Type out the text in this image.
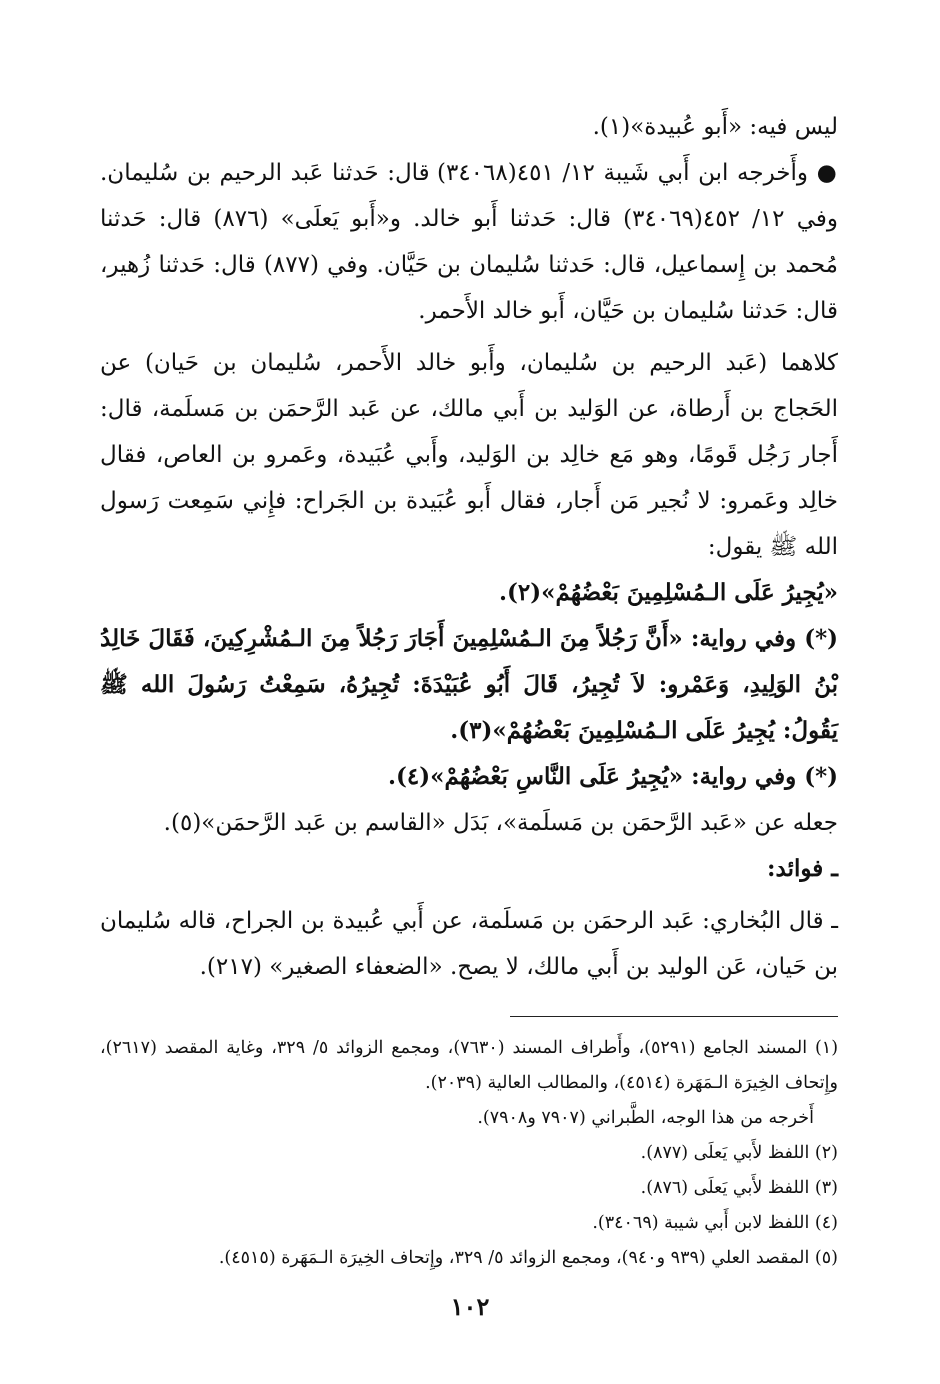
ليس فيه: «أَبو عُبيدة»(١).

● وأَخرجه ابن أَبي شَيبة ١٢/ ٤٥١(٣٤٠٦٨) قال: حَدثنا عَبد الرحيم بن سُليمان. وفي ١٢/ ٤٥٢(٣٤٠٦٩) قال: حَدثنا أَبو خالد. و«أَبو يَعلَى» (٨٧٦) قال: حَدثنا مُحمد بن إِسماعيل، قال: حَدثنا سُليمان بن حَيَّان. وفي (٨٧٧) قال: حَدثنا زُهير، قال: حَدثنا سُليمان بن حَيَّان، أَبو خالد الأَحمر.

كلاهما (عَبد الرحيم بن سُليمان، وأَبو خالد الأَحمر، سُليمان بن حَيان) عن الحَجاج بن أَرطاة، عن الوَليد بن أَبي مالك، عن عَبد الرَّحمَن بن مَسلَمة، قال: أَجار رَجُل قَومًا، وهو مَع خالِد بن الوَليد، وأَبي عُبَيدة، وعَمرو بن العاص، فقال خالِد وعَمرو: لا نُجير مَن أَجار، فقال أَبو عُبَيدة بن الجَراح: فإِني سَمِعت رَسول الله ﷺ يقول:

«يُجِيرُ عَلَى الـمُسْلِمِينَ بَعْضُهُمْ»(٢).

(*) وفي رواية: «أَنَّ رَجُلاً مِنَ الـمُسْلِمِينَ أَجَارَ رَجُلاً مِنَ الـمُشْرِكِينَ، فَقَالَ خَالِدُ بْنُ الوَلِيدِ، وَعَمْرو: لاَ تُجِيرُ، قَالَ أَبُو عُبَيْدَةَ: تُجِيرُهُ، سَمِعْتُ رَسُولَ الله ﷺ يَقُولُ: يُجِيرُ عَلَى الـمُسْلِمِينَ بَعْضُهُمْ»(٣).

(*) وفي رواية: «يُجِيرُ عَلَى النَّاسِ بَعْضُهُمْ»(٤).

جعله عن «عَبد الرَّحمَن بن مَسلَمة»، بَدَل «القاسم بن عَبد الرَّحمَن»(٥).

ـ فوائد:

ـ قال البُخاري: عَبد الرحمَن بن مَسلَمة، عن أَبي عُبيدة بن الجراح، قاله سُليمان بن حَيان، عَن الوليد بن أَبي مالك، لا يصح. «الضعفاء الصغير» (٢١٧).

(١) المسند الجامع (٥٢٩١)، وأَطراف المسند (٧٦٣٠)، ومجمع الزوائد ٥/ ٣٢٩، وغاية المقصد (٢٦١٧)، وإِتحاف الخِيرَة الـمَهَرة (٤٥١٤)، والمطالب العالية (٢٠٣٩).

أَخرجه من هذا الوجه، الطَّبراني (٧٩٠٧ و٧٩٠٨).

(٢) اللفظ لأَبي يَعلَى (٨٧٧).

(٣) اللفظ لأَبي يَعلَى (٨٧٦).

(٤) اللفظ لابن أَبي شيبة (٣٤٠٦٩).

(٥) المقصد العلي (٩٣٩ و٩٤٠)، ومجمع الزوائد ٥/ ٣٢٩، وإِتحاف الخِيرَة الـمَهَرة (٤٥١٥).

١٠٢
